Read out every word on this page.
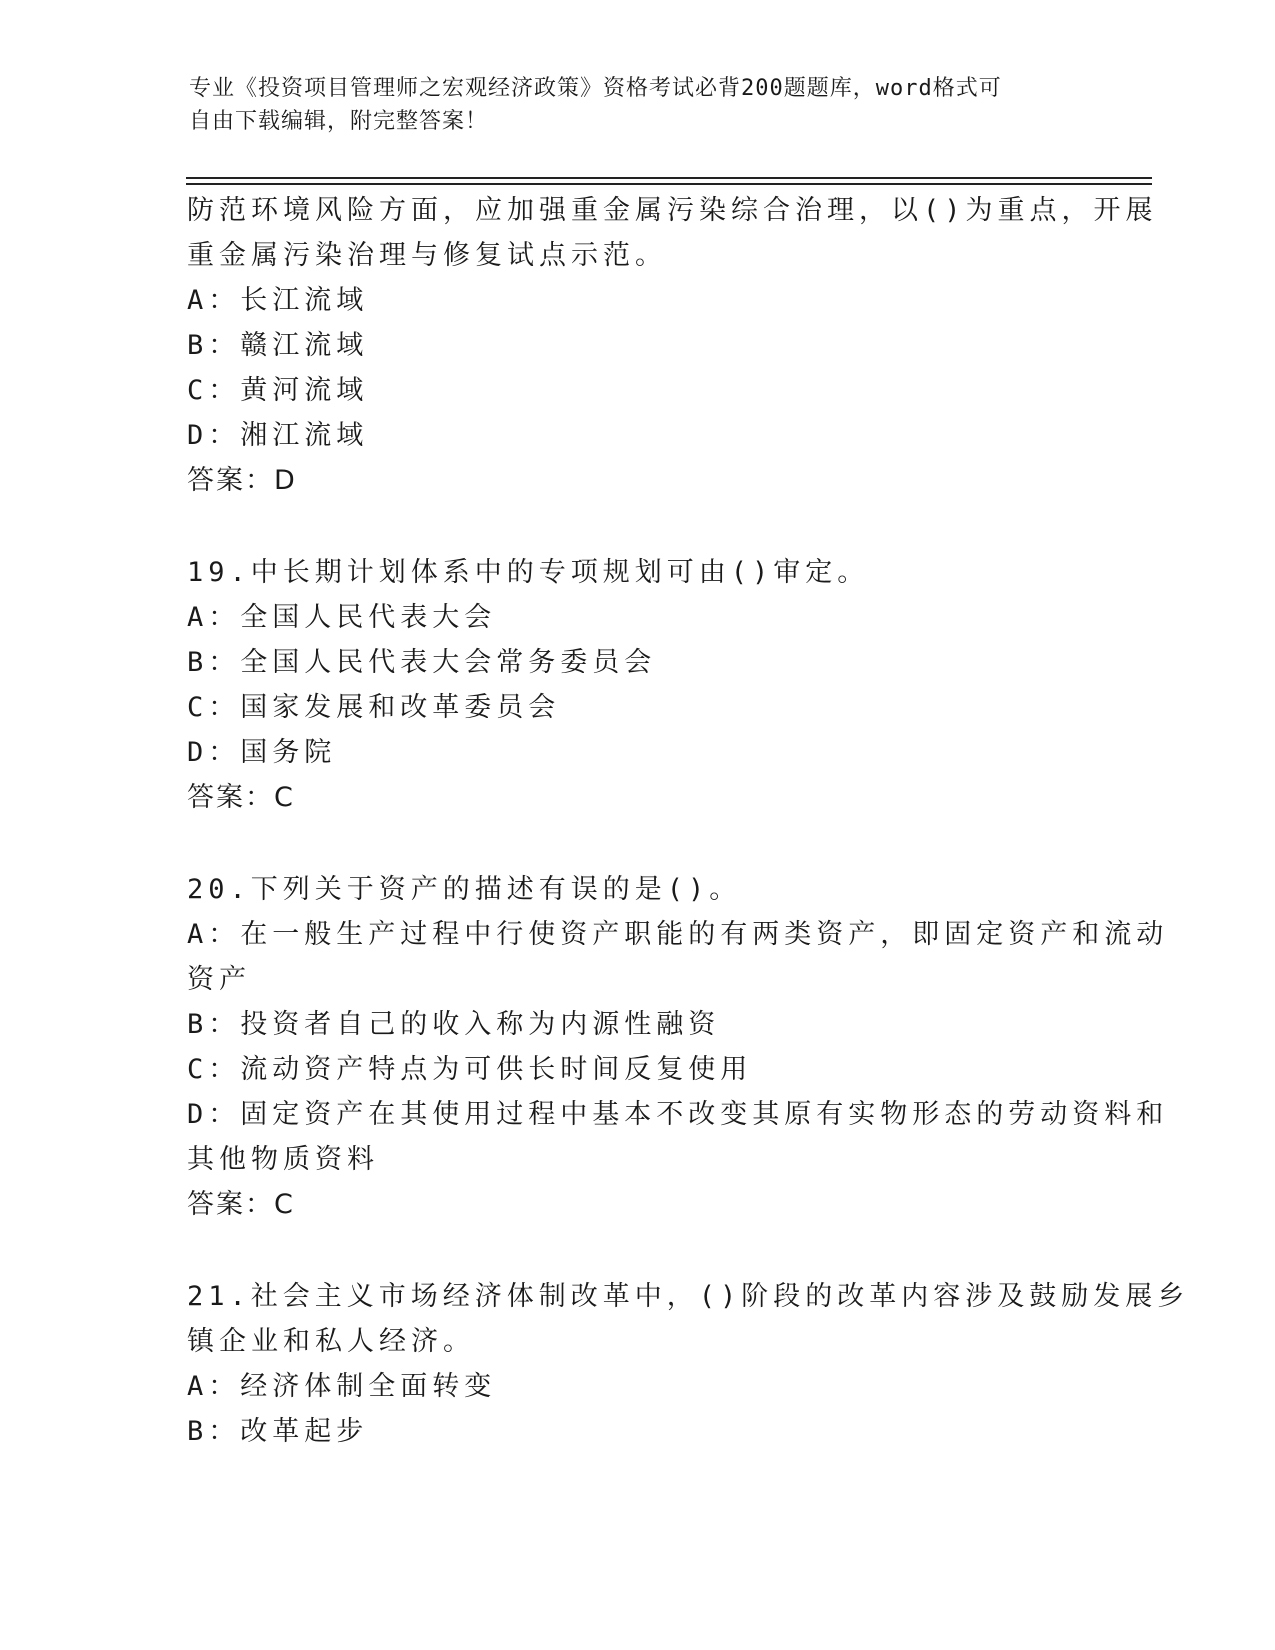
专业《投资项目管理师之宏观经济政策》资格考试必背200题题库，word格式可
自由下载编辑，附完整答案！
防范环境风险方面，应加强重金属污染综合治理，以()为重点，开展
重金属污染治理与修复试点示范。
A：长江流域
B：赣江流域
C：黄河流域
D：湘江流域
答案：D
19.中长期计划体系中的专项规划可由()审定。
A：全国人民代表大会
B：全国人民代表大会常务委员会
C：国家发展和改革委员会
D：国务院
答案：C
20.下列关于资产的描述有误的是()。
A：在一般生产过程中行使资产职能的有两类资产，即固定资产和流动
资产
B：投资者自己的收入称为内源性融资
C：流动资产特点为可供长时间反复使用
D：固定资产在其使用过程中基本不改变其原有实物形态的劳动资料和
其他物质资料
答案：C
21.社会主义市场经济体制改革中，()阶段的改革内容涉及鼓励发展乡
镇企业和私人经济。
A：经济体制全面转变
B：改革起步
